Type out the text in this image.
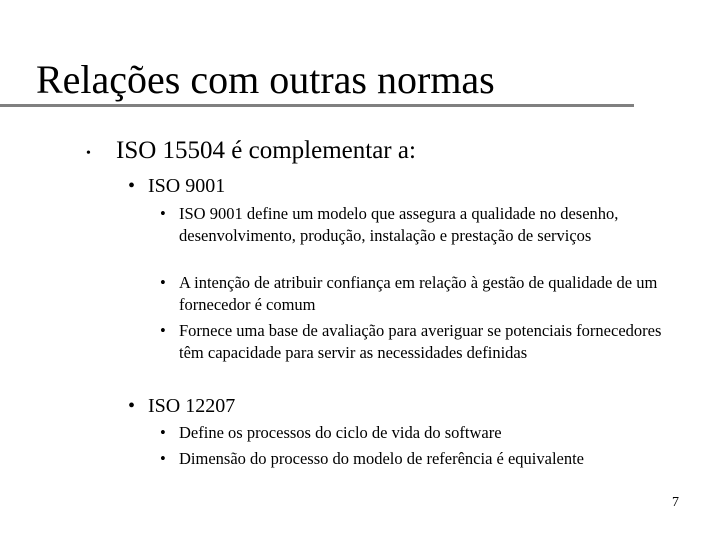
Relações com outras normas
• ISO 15504 é complementar a:
• ISO 9001
• ISO 9001 define um modelo que assegura a qualidade no desenho, desenvolvimento, produção, instalação e prestação de serviços
• A intenção de atribuir confiança em relação à gestão de qualidade de um fornecedor é comum
• Fornece uma base de avaliação para averiguar se potenciais fornecedores têm capacidade para servir as necessidades definidas
• ISO 12207
• Define os processos do ciclo de vida do software
• Dimensão do processo do modelo de referência é equivalente
7
